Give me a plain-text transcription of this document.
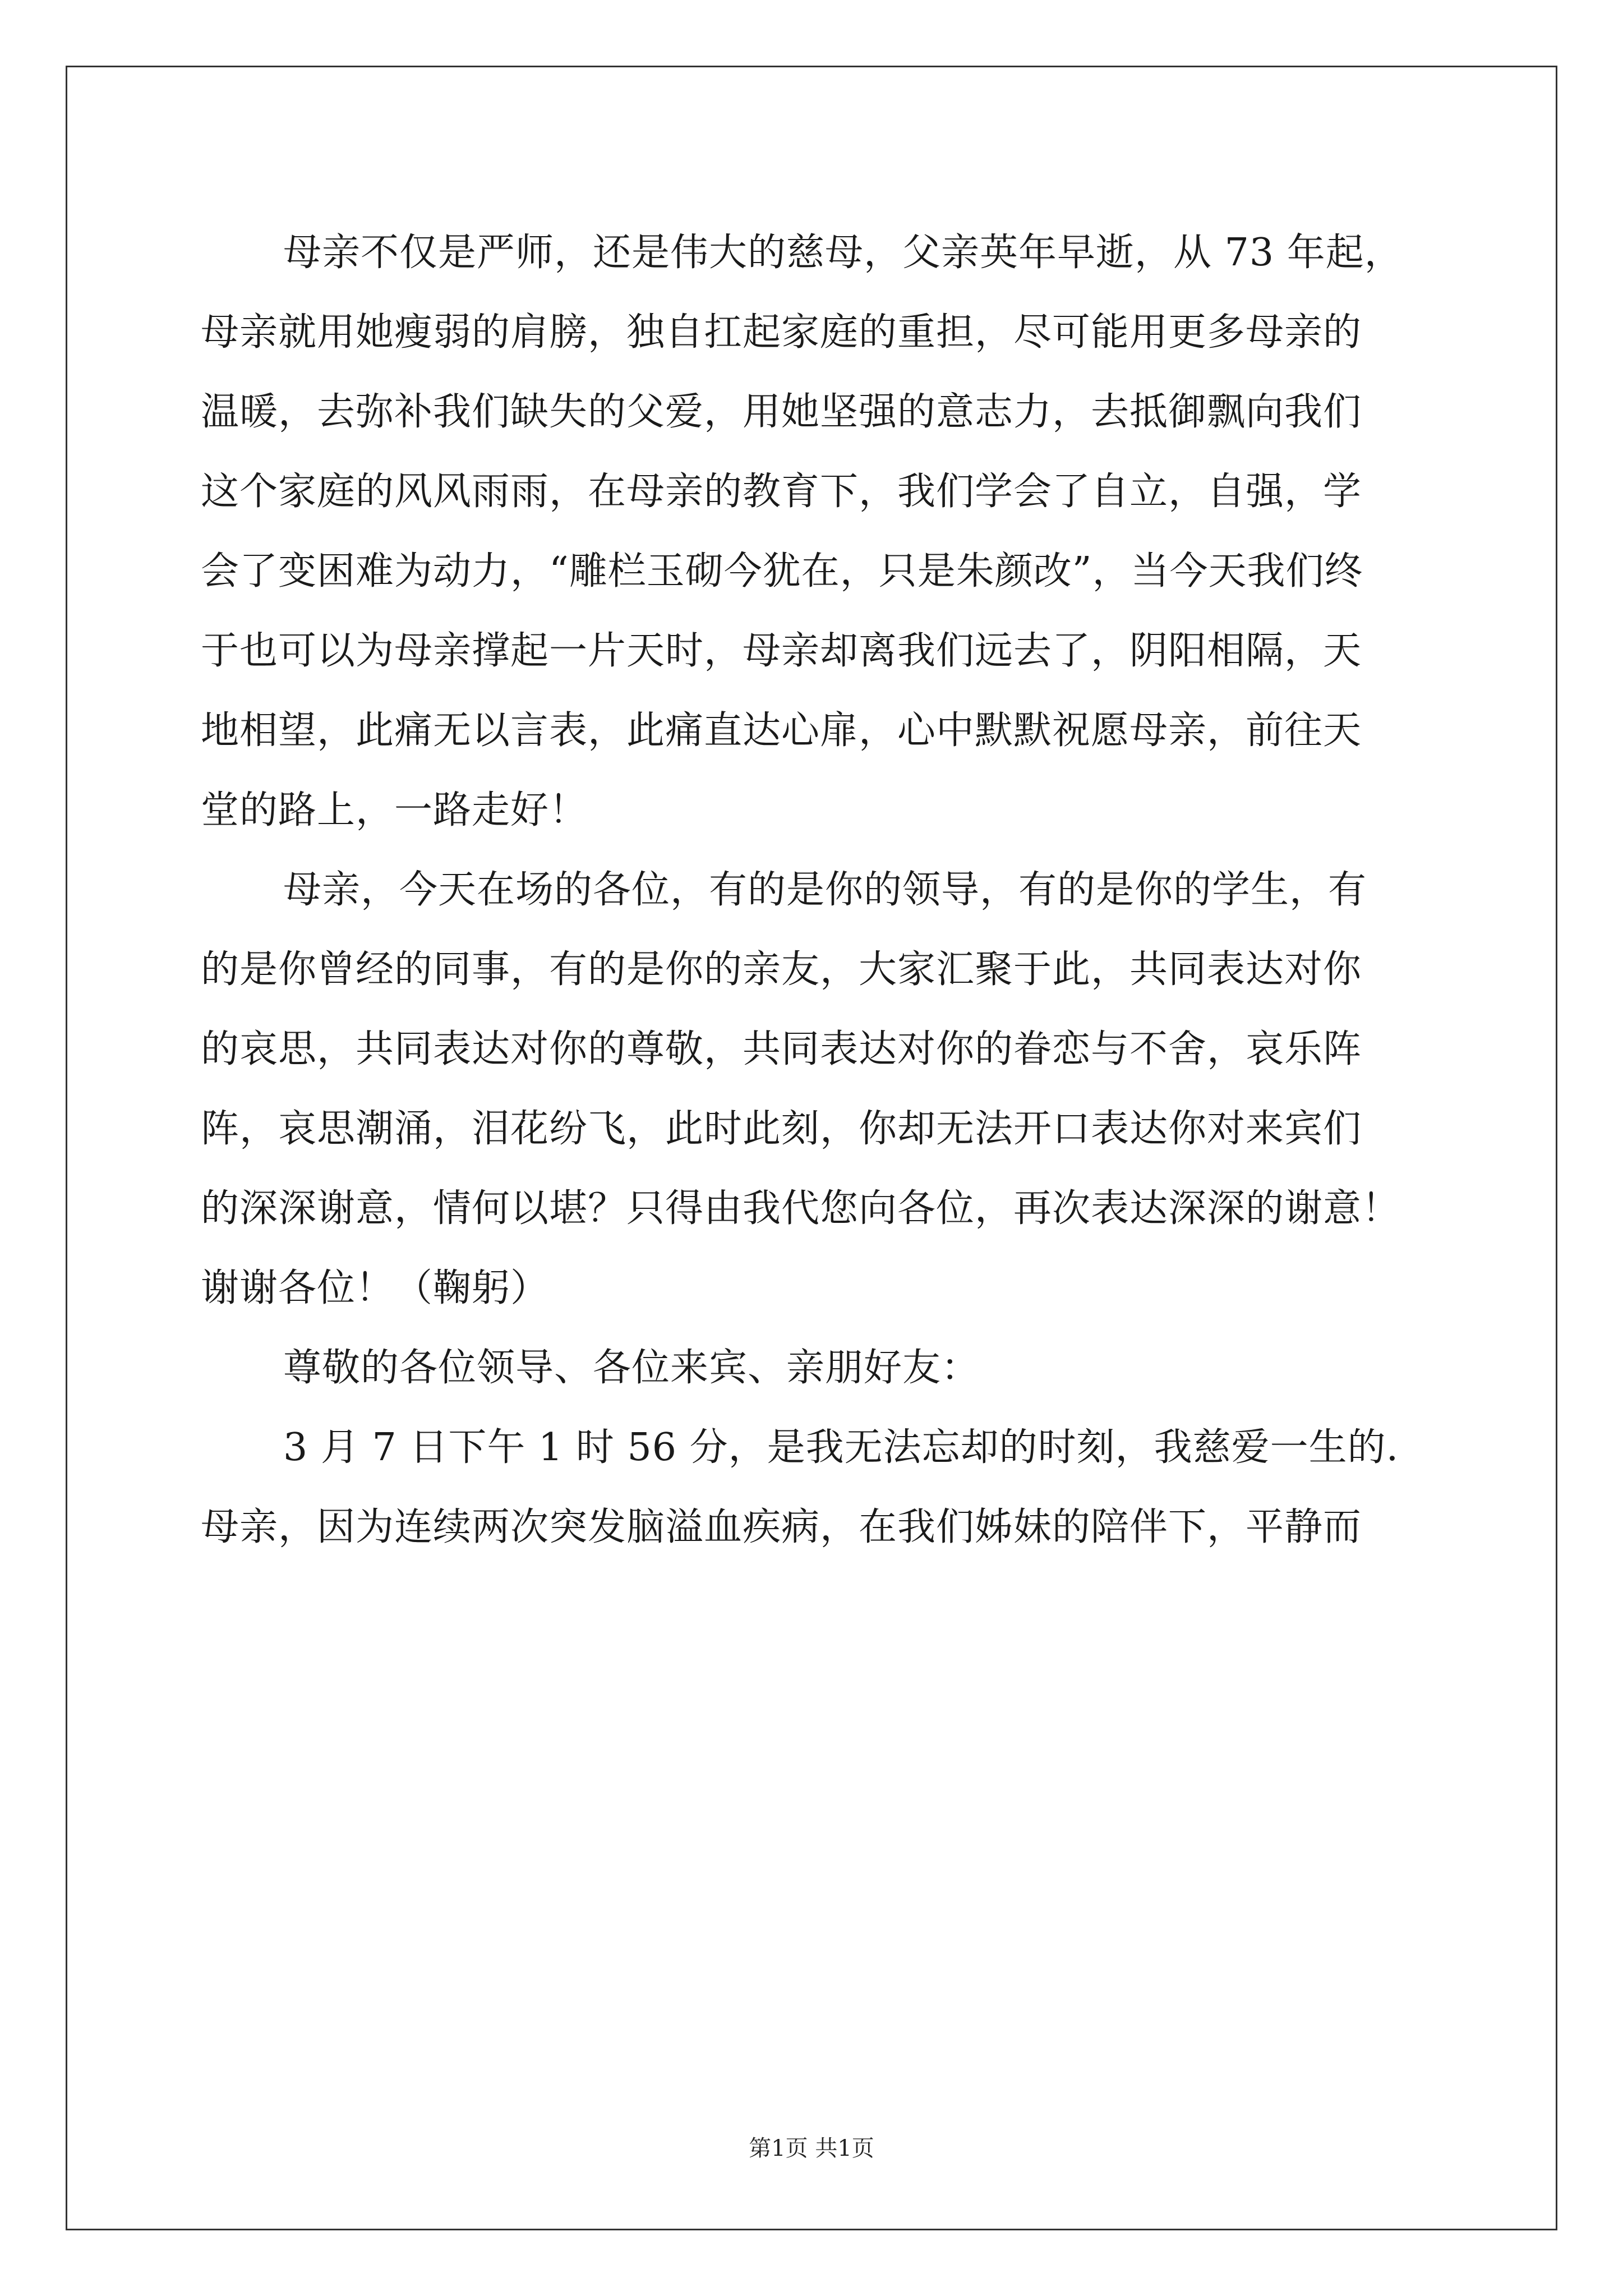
母亲不仅是严师，还是伟大的慈母，父亲英年早逝，从 73 年起，
母亲就用她瘦弱的肩膀，独自扛起家庭的重担，尽可能用更多母亲的
温暖，去弥补我们缺失的父爱，用她坚强的意志力，去抵御飘向我们
这个家庭的风风雨雨，在母亲的教育下，我们学会了自立，自强，学
会了变困难为动力，“雕栏玉砌今犹在，只是朱颜改”，当今天我们终
于也可以为母亲撑起一片天时，母亲却离我们远去了，阴阳相隔，天
地相望，此痛无以言表，此痛直达心扉，心中默默祝愿母亲，前往天
堂的路上，一路走好！
母亲，今天在场的各位，有的是你的领导，有的是你的学生，有
的是你曾经的同事，有的是你的亲友，大家汇聚于此，共同表达对你
的哀思，共同表达对你的尊敬，共同表达对你的眷恋与不舍，哀乐阵
阵，哀思潮涌，泪花纷飞，此时此刻，你却无法开口表达你对来宾们
的深深谢意，情何以堪？只得由我代您向各位，再次表达深深的谢意！
谢谢各位！（鞠躬）
尊敬的各位领导、各位来宾、亲朋好友：
3 月 7 日下午 1 时 56 分，是我无法忘却的时刻，我慈爱一生的.
母亲，因为连续两次突发脑溢血疾病，在我们姊妹的陪伴下，平静而
第1页 共1页
